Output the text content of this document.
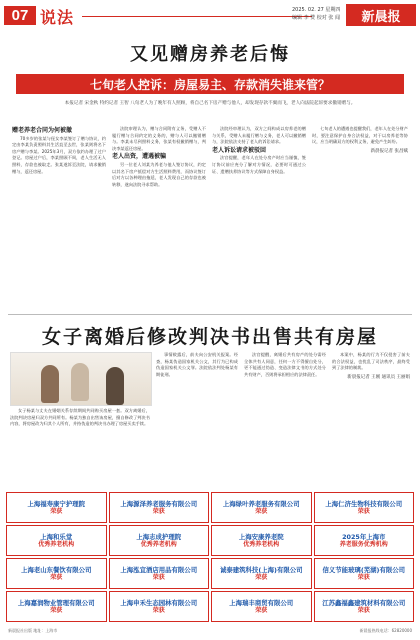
07 说法	2025. 02. 27 星期四
编辑 李 赞 校对 张 闻	新晨报
又见赠房养老后悔
七旬老人控诉：房屋易主、存款消失谁来管？
本报记者 宋金秋 特约记者 王智 八旬老人为了晚年有人照顾，将自己名下房产赠与他人，却发现存款不翼而飞，老人向法院起诉要求撤销赠与。
赠老养老合同为何被撤

70多岁的张某与侄女李某签订了赠与协议，约定由李某负责照料其生活直至去世，张某则将名下房产赠与李某。2025年3月，双方依约办理了过户登记。房屋过户后，李某照顾不周，老人生活无人照料，存款也被取走。张某遂诉至法院，请求撤销赠与，返还房屋。

法院审理认为，赠与合同附有义务，受赠人不履行赠与合同约定的义务的，赠与人可以撤销赠与。李某未尽到照料义务，张某有权撤销赠与，判决李某返还房屋。

老人出资，遭遇被骗

另一位老人刘某为养老与他人签订协议，约定以其名下房产抵偿对方生活照料费用，而协议签订后对方以各种理由拖延，老人发现自己的存款也被转移，遂向法院寻求帮助。

法院经审理认为，双方之间构成以房养老的赠与关系，受赠人未履行赠与义务，老人可以撤销赠与，法院依法支持了老人的诉讼请求。

老人诉讼请求被驳回

法官提醒，老年人在处分房产时应当谨慎，签订协议前应充分了解对方情况，必要时可通过公证、遗赠扶养协议等方式保障自身权益。

七旬老人的遭遇也提醒我们，老年人在处分财产时，要注意保护自身合法权益，对于以房养老等协议，应当明确双方的权利义务，避免产生纠纷。

新晨报记者 张昌赋
女子离婚后修改判决书出售共有房屋

女子杨某与丈夫在婚姻关系存续期间共同购买房屋一套。双方离婚后，法院判决房屋归双方共同所有。杨某为独自出售该房屋，擅自修改了判决书内容，将房屋改为归其个人所有，并持伪造的判决书办理了房屋买卖手续。

事情败露后，前夫向公安机关报案。经查，杨某伪造国家机关公文，其行为已构成伪造国家机关公文罪。法院依法判处杨某有期徒刑。

法官提醒，离婚后共有房产的处分需经全体共有人同意，任何一方不得擅自处分，更不能通过伪造、变造法律文书的方式处分共有财产，否则将承担相应的法律责任。

本案中，杨某的行为不仅侵害了前夫的合法权益，也扰乱了司法秩序，最终受到了法律的制裁。

新晨报记者 王刚 通讯员 王丽娟
上海福寿康宁护理院
荣获
上海源泽养老服务有限公司
荣获
上海绿叶养老服务有限公司
荣获
上海仁济生物科技有限公司
荣获
上海和乐堂
优秀养老机构
上海志成护理院
优秀养老机构
上海安康养老院
优秀养老机构
2025年上海市
养老服务优秀机构
上海老山东餐饮有限公司
荣获
上海泓宜酒店用品有限公司
荣获
诚泰建筑科技(上海)有限公司
荣获
信义节能玻璃(芜湖)有限公司
荣获
上海嘉润物业管理有限公司
荣获
上海申禾生态园林有限公司
荣获
上海瑞丰商贸有限公司
荣获
江苏鑫福鑫建筑材料有限公司
荣获
新晨报社出版 地址：上海市	新晨报热线电话：62820000
